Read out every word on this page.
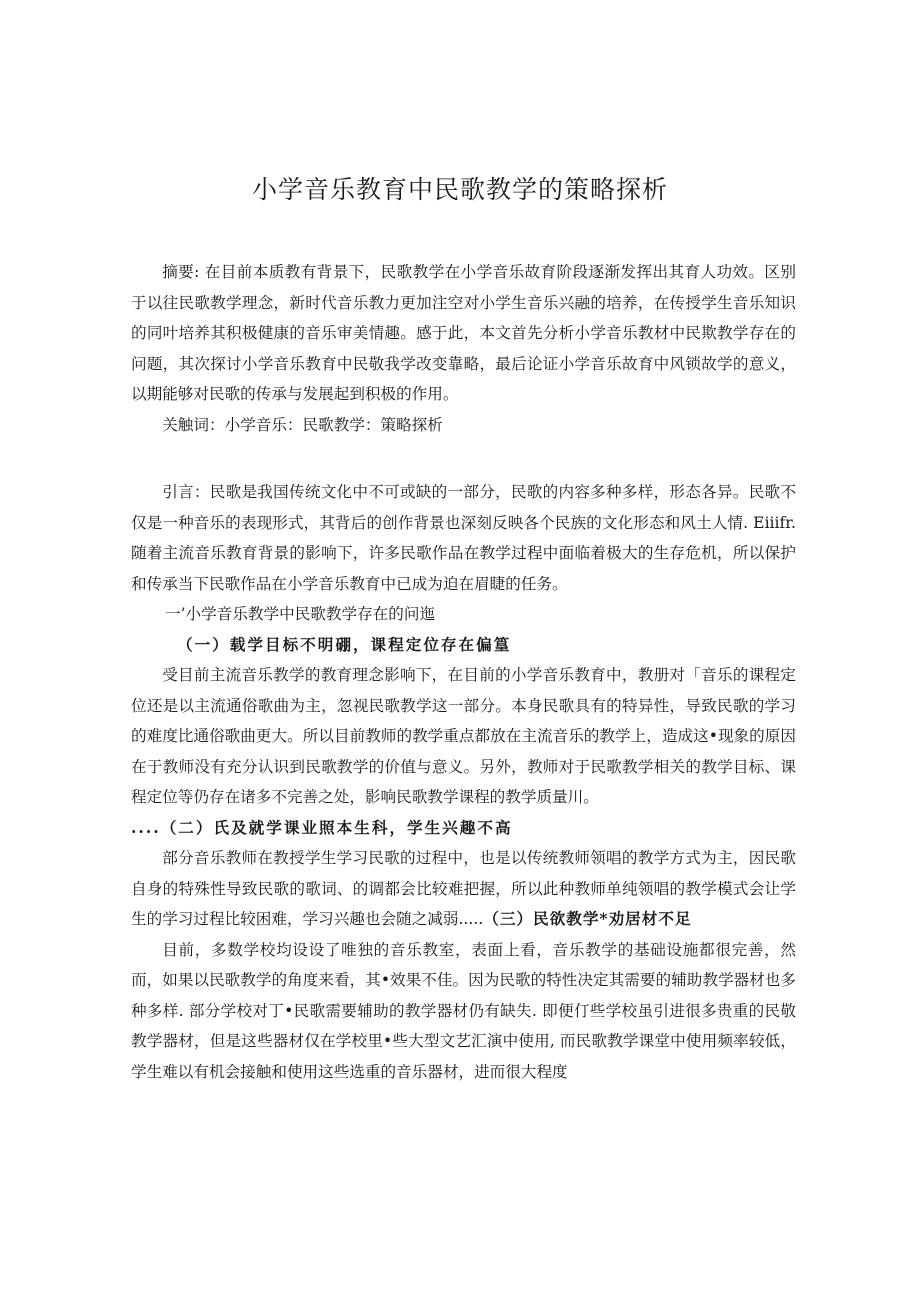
小学音乐教育中民歌教学的策略探析

摘要: 在目前本质教有背景下，民歌教学在小学音乐故育阶段逐渐发挥出其育人功效。区别于以往民歌教学理念，新时代音乐教力更加注空对小学生音乐兴融的培养，在传授学生音乐知识的同叶培养其积极健康的音乐审美情趣。感于此，本文首先分析小学音乐教材中民欺教学存在的问题，其次探讨小学音乐教育中民敬我学改变靠略，最后论证小学音乐故育中风锁故学的意义，以期能够对民歌的传承与发展起到积极的作用。

关触词：小学音乐：民歌教学：策略探析

引言：民歌是我国传统文化中不可或缺的一部分，民歌的内容多种多样，形态各异。民歌不仅是一种音乐的表现形式，其背后的创作背景也深刻反映各个民族的文化形态和风土人情. Eiiifr.随着主流音乐教育背景的影响下，许多民歌作品在教学过程中面临着极大的生存危机，所以保护和传承当下民歌作品在小学音乐教育中已成为迫在眉睫的任务。

一’小学音乐教学中民歌教学存在的问迤

（一）载学目标不明硼，课程定位存在偏篁

受目前主流音乐教学的教育理念影响下，在目前的小学音乐教育中，教册对「音乐的课程定位还是以主流通俗歌曲为主，忽视民歌教学这一部分。本身民歌具有的特异性，导致民歌的学习的难度比通俗歌曲更大。所以目前教师的教学重点都放在主流音乐的教学上，造成这•现象的原因在于教师没有充分认识到民歌教学的价值与意义。另外，教师对于民歌教学相关的教学目标、课程定位等仍存在诸多不完善之处，影响民歌教学课程的教学质量川。

....（二）氏及就学课业照本生科，学生兴趣不高

部分音乐教师在教授学生学习民歌的过程中，也是以传统教师领唱的教学方式为主，因民歌自身的特殊性导致民歌的歌词、的调都会比较难把握，所以此种教师单纯领唱的教学模式会让学生的学习过程比较困难，学习兴趣也会随之减弱.....（三）民欲教学*劝居材不足

目前，多数学校均设设了唯独的音乐教室，表面上看，音乐教学的基础设施都很完善，然而，如果以民歌教学的角度来看，其•效果不佳。因为民歌的特性决定其需要的辅助教学器材也多种多样. 部分学校对丁•民歌需要辅助的教学器材仍有缺失. 即便仃些学校虽引进很多贵重的民敬教学器材，但是这些器材仅在学校里•些大型文艺汇演中使用, 而民歌教学课堂中使用频率较低，学生难以有机会接触和使用这些选重的音乐器材，进而很大程度
